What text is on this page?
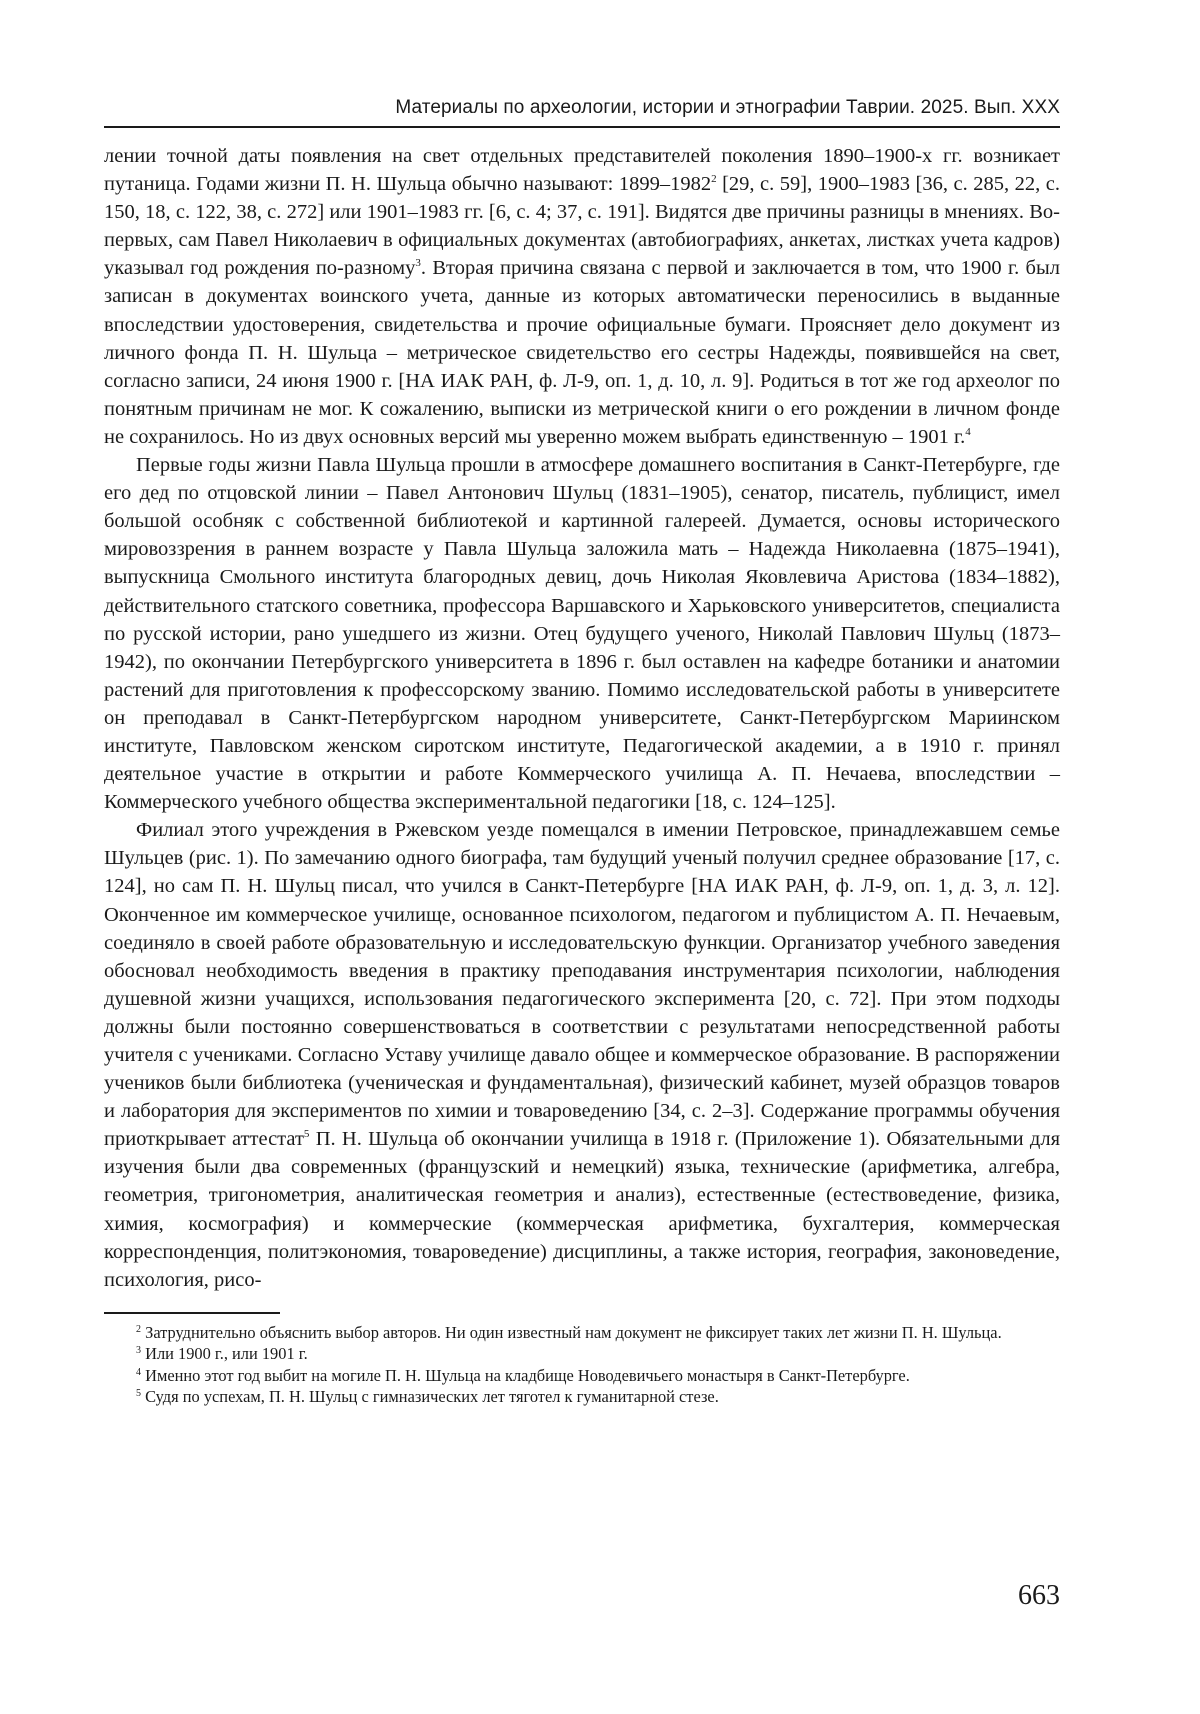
Материалы по археологии, истории и этнографии Таврии. 2025. Вып. XXX

лении точной даты появления на свет отдельных представителей поколения 1890–1900-х гг. возникает путаница. Годами жизни П. Н. Шульца обычно называют: 1899–1982$^2$ [29, с. 59], 1900–1983 [36, с. 285, 22, с. 150, 18, с. 122, 38, с. 272] или 1901–1983 гг. [6, с. 4; 37, с. 191]. Видятся две причины разницы в мнениях. Во-первых, сам Павел Николаевич в официальных документах (автобиографиях, анкетах, листках учета кадров) указывал год рождения по-разному$^3$. Вторая причина связана с первой и заключается в том, что 1900 г. был записан в документах воинского учета, данные из которых автоматически переносились в выданные впоследствии удостоверения, свидетельства и прочие официальные бумаги. Проясняет дело документ из личного фонда П. Н. Шульца – метрическое свидетельство его сестры Надежды, появившейся на свет, согласно записи, 24 июня 1900 г. [НА ИАК РАН, ф. Л-9, оп. 1, д. 10, л. 9]. Родиться в тот же год археолог по понятным причинам не мог. К сожалению, выписки из метрической книги о его рождении в личном фонде не сохранилось. Но из двух основных версий мы уверенно можем выбрать единственную – 1901 г.$^4$

Первые годы жизни Павла Шульца прошли в атмосфере домашнего воспитания в Санкт-Петербурге, где его дед по отцовской линии – Павел Антонович Шульц (1831–1905), сенатор, писатель, публицист, имел большой особняк с собственной библиотекой и картинной галереей. Думается, основы исторического мировоззрения в раннем возрасте у Павла Шульца заложила мать – Надежда Николаевна (1875–1941), выпускница Смольного института благородных девиц, дочь Николая Яковлевича Аристова (1834–1882), действительного статского советника, профессора Варшавского и Харьковского университетов, специалиста по русской истории, рано ушедшего из жизни. Отец будущего ученого, Николай Павлович Шульц (1873–1942), по окончании Петербургского университета в 1896 г. был оставлен на кафедре ботаники и анатомии растений для приготовления к профессорскому званию. Помимо исследовательской работы в университете он преподавал в Санкт-Петербургском народном университете, Санкт-Петербургском Мариинском институте, Павловском женском сиротском институте, Педагогической академии, а в 1910 г. принял деятельное участие в открытии и работе Коммерческого училища А. П. Нечаева, впоследствии – Коммерческого учебного общества экспериментальной педагогики [18, с. 124–125].

Филиал этого учреждения в Ржевском уезде помещался в имении Петровское, принадлежавшем семье Шульцев (рис. 1). По замечанию одного биографа, там будущий ученый получил среднее образование [17, с. 124], но сам П. Н. Шульц писал, что учился в Санкт-Петербурге [НА ИАК РАН, ф. Л-9, оп. 1, д. 3, л. 12]. Оконченное им коммерческое училище, основанное психологом, педагогом и публицистом А. П. Нечаевым, соединяло в своей работе образовательную и исследовательскую функции. Организатор учебного заведения обосновал необходимость введения в практику преподавания инструментария психологии, наблюдения душевной жизни учащихся, использования педагогического эксперимента [20, с. 72]. При этом подходы должны были постоянно совершенствоваться в соответствии с результатами непосредственной работы учителя с учениками. Согласно Уставу училище давало общее и коммерческое образование. В распоряжении учеников были библиотека (ученическая и фундаментальная), физический кабинет, музей образцов товаров и лаборатория для экспериментов по химии и товароведению [34, с. 2–3]. Содержание программы обучения приоткрывает аттестат$^5$ П. Н. Шульца об окончании училища в 1918 г. (Приложение 1). Обязательными для изучения были два современных (французский и немецкий) языка, технические (арифметика, алгебра, геометрия, тригонометрия, аналитическая геометрия и анализ), естественные (естествоведение, физика, химия, космография) и коммерческие (коммерческая арифметика, бухгалтерия, коммерческая корреспонденция, политэкономия, товароведение) дисциплины, а также история, география, законоведение, психология, рисо-

$^2$ Затруднительно объяснить выбор авторов. Ни один известный нам документ не фиксирует таких лет жизни П. Н. Шульца.

$^3$ Или 1900 г., или 1901 г.

$^4$ Именно этот год выбит на могиле П. Н. Шульца на кладбище Новодевичьего монастыря в Санкт-Петербурге.

$^5$ Судя по успехам, П. Н. Шульц с гимназических лет тяготел к гуманитарной стезе.

663
